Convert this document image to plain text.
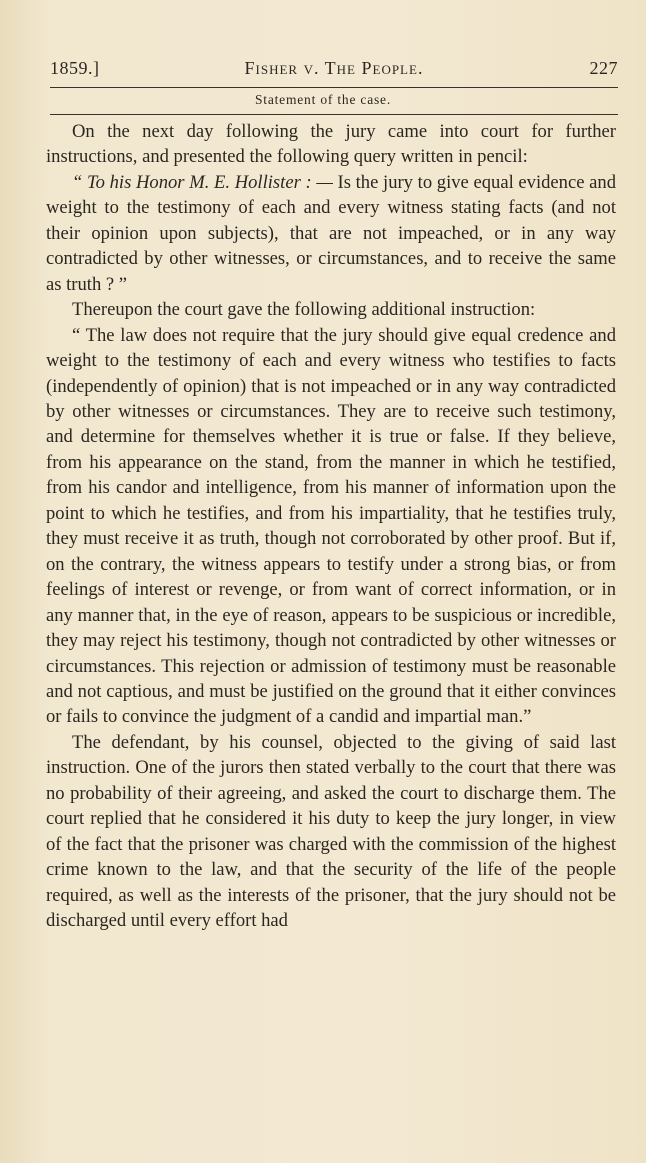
1859.]	Fisher v. The People.	227
Statement of the case.

On the next day following the jury came into court for further instructions, and presented the following query written in pencil:

“ To his Honor M. E. Hollister : — Is the jury to give equal evidence and weight to the testimony of each and every witness stating facts (and not their opinion upon subjects), that are not impeached, or in any way contradicted by other witnesses, or circumstances, and to receive the same as truth ? ”

Thereupon the court gave the following additional instruction:

“ The law does not require that the jury should give equal credence and weight to the testimony of each and every witness who testifies to facts (independently of opinion) that is not impeached or in any way contradicted by other witnesses or circumstances. They are to receive such testimony, and determine for themselves whether it is true or false. If they believe, from his appearance on the stand, from the manner in which he testified, from his candor and intelligence, from his manner of information upon the point to which he testifies, and from his impartiality, that he testifies truly, they must receive it as truth, though not corroborated by other proof. But if, on the contrary, the witness appears to testify under a strong bias, or from feelings of interest or revenge, or from want of correct information, or in any manner that, in the eye of reason, appears to be suspicious or incredible, they may reject his testimony, though not contradicted by other witnesses or circumstances. This rejection or admission of testimony must be reasonable and not captious, and must be justified on the ground that it either convinces or fails to convince the judgment of a candid and impartial man.”

The defendant, by his counsel, objected to the giving of said last instruction. One of the jurors then stated verbally to the court that there was no probability of their agreeing, and asked the court to discharge them. The court replied that he considered it his duty to keep the jury longer, in view of the fact that the prisoner was charged with the commission of the highest crime known to the law, and that the security of the life of the people required, as well as the interests of the prisoner, that the jury should not be discharged until every effort had
